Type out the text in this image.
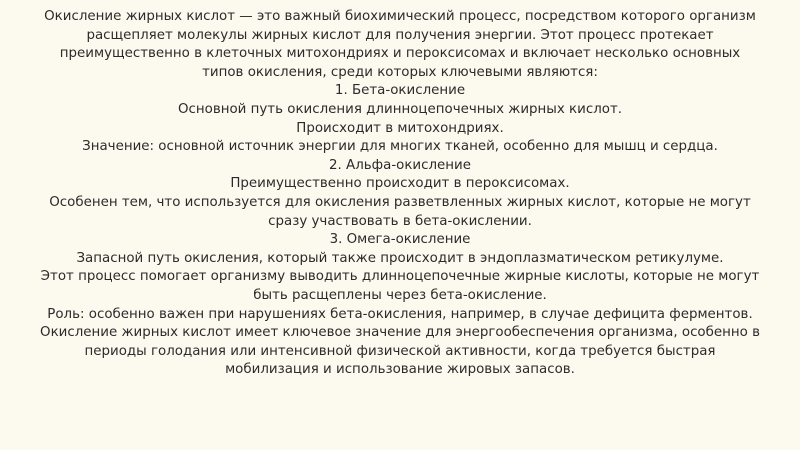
Окисление жирных кислот — это важный биохимический процесс, посредством которого организм расщепляет молекулы жирных кислот для получения энергии. Этот процесс протекает преимущественно в клеточных митохондриях и пероксисомах и включает несколько основных типов окисления, среди которых ключевыми являются:

1. Бета-окисление

Основной путь окисления длинноцепочечных жирных кислот.

Происходит в митохондриях.

Значение: основной источник энергии для многих тканей, особенно для мышц и сердца.

2. Альфа-окисление

Преимущественно происходит в пероксисомах.

Особенен тем, что используется для окисления разветвленных жирных кислот, которые не могут сразу участвовать в бета-окислении.

3. Омега-окисление

Запасной путь окисления, который также происходит в эндоплазматическом ретикулуме.

Этот процесс помогает организму выводить длинноцепочечные жирные кислоты, которые не могут быть расщеплены через бета-окисление.

Роль: особенно важен при нарушениях бета-окисления, например, в случае дефицита ферментов.

Окисление жирных кислот имеет ключевое значение для энергообеспечения организма, особенно в периоды голодания или интенсивной физической активности, когда требуется быстрая мобилизация и использование жировых запасов.
